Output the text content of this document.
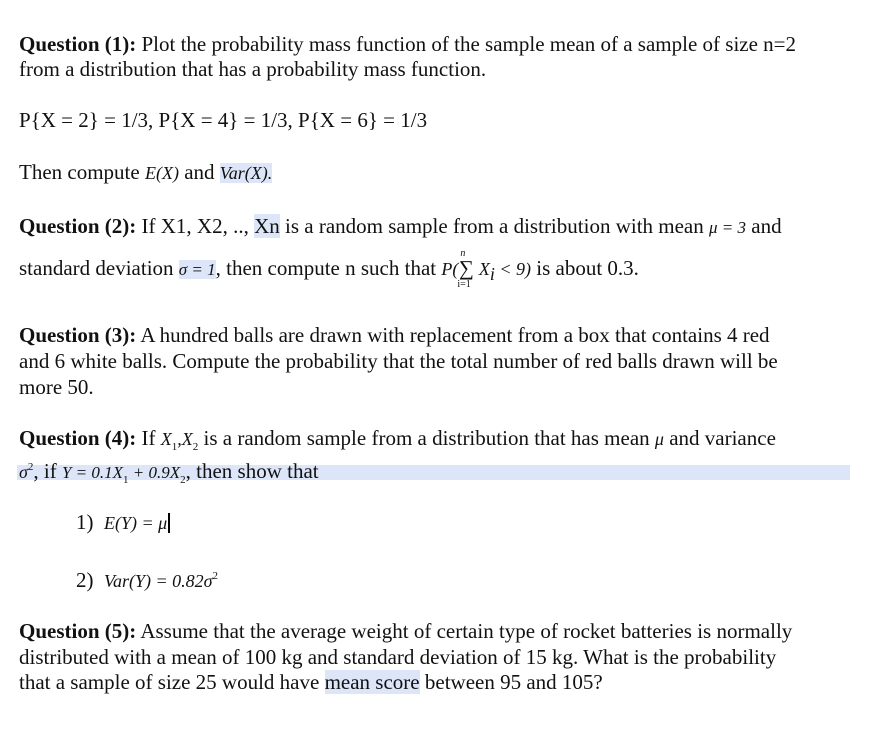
Question (1): Plot the probability mass function of the sample mean of a sample of size n=2
from a distribution that has a probability mass function.
P{X = 2} = 1/3, P{X = 4} = 1/3, P{X = 6} = 1/3
Then compute E(X) and Var(X).
Question (2): If X1, X2, .., Xn is a random sample from a distribution with mean μ = 3 and
standard deviation σ = 1, then compute n such that P(
n
∑
i=1
$X_i < 9$) is about 0.3.
Question (3): A hundred balls are drawn with replacement from a box that contains 4 red
and 6 white balls. Compute the probability that the total number of red balls drawn will be
more 50.
Question (4): If $X_1,X_2$ is a random sample from a distribution that has mean μ and variance
$\sigma^2$, if $Y = 0.1X_1 + 0.9X_2$, then show that
1) E(Y) = μ
2) $Var(Y) = 0.82\sigma^2$
Question (5): Assume that the average weight of certain type of rocket batteries is normally
distributed with a mean of 100 kg and standard deviation of 15 kg. What is the probability
that a sample of size 25 would have mean score between 95 and 105?
